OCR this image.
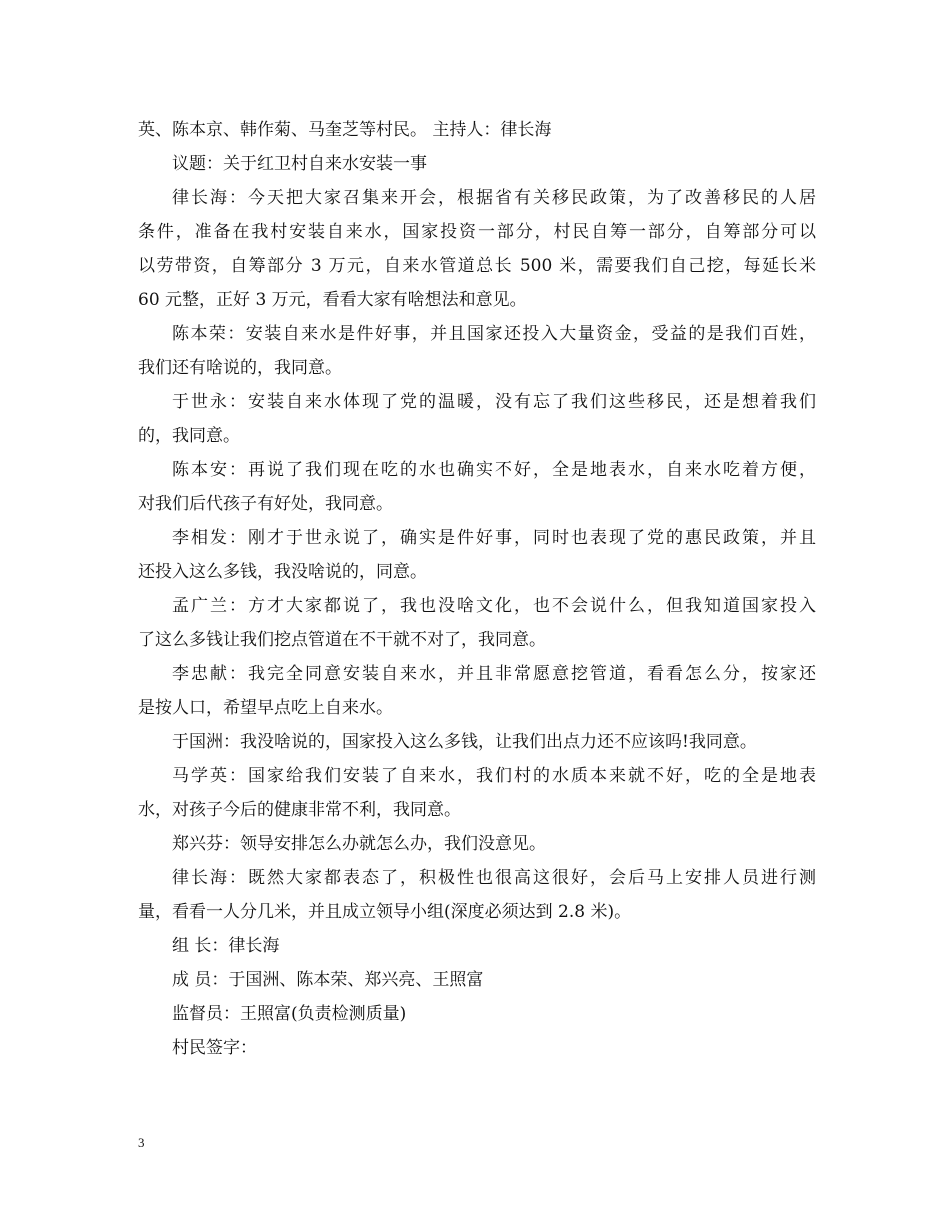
英、陈本京、韩作菊、马奎芝等村民。 主持人：律长海
议题：关于红卫村自来水安装一事
律长海：今天把大家召集来开会，根据省有关移民政策，为了改善移民的人居
条件，准备在我村安装自来水，国家投资一部分，村民自筹一部分，自筹部分可以
以劳带资，自筹部分 3 万元，自来水管道总长 500 米，需要我们自己挖，每延长米
60 元整，正好 3 万元，看看大家有啥想法和意见。
陈本荣：安装自来水是件好事，并且国家还投入大量资金，受益的是我们百姓，
我们还有啥说的，我同意。
于世永：安装自来水体现了党的温暖，没有忘了我们这些移民，还是想着我们
的，我同意。
陈本安：再说了我们现在吃的水也确实不好，全是地表水，自来水吃着方便，
对我们后代孩子有好处，我同意。
李相发：刚才于世永说了，确实是件好事，同时也表现了党的惠民政策，并且
还投入这么多钱，我没啥说的，同意。
孟广兰：方才大家都说了，我也没啥文化，也不会说什么，但我知道国家投入
了这么多钱让我们挖点管道在不干就不对了，我同意。
李忠献：我完全同意安装自来水，并且非常愿意挖管道，看看怎么分，按家还
是按人口，希望早点吃上自来水。
于国洲：我没啥说的，国家投入这么多钱，让我们出点力还不应该吗!我同意。
马学英：国家给我们安装了自来水，我们村的水质本来就不好，吃的全是地表
水，对孩子今后的健康非常不利，我同意。
郑兴芬：领导安排怎么办就怎么办，我们没意见。
律长海：既然大家都表态了，积极性也很高这很好，会后马上安排人员进行测
量，看看一人分几米，并且成立领导小组(深度必须达到 2.8 米)。
组 长：律长海
成 员：于国洲、陈本荣、郑兴亮、王照富
监督员：王照富(负责检测质量)
村民签字：
3
